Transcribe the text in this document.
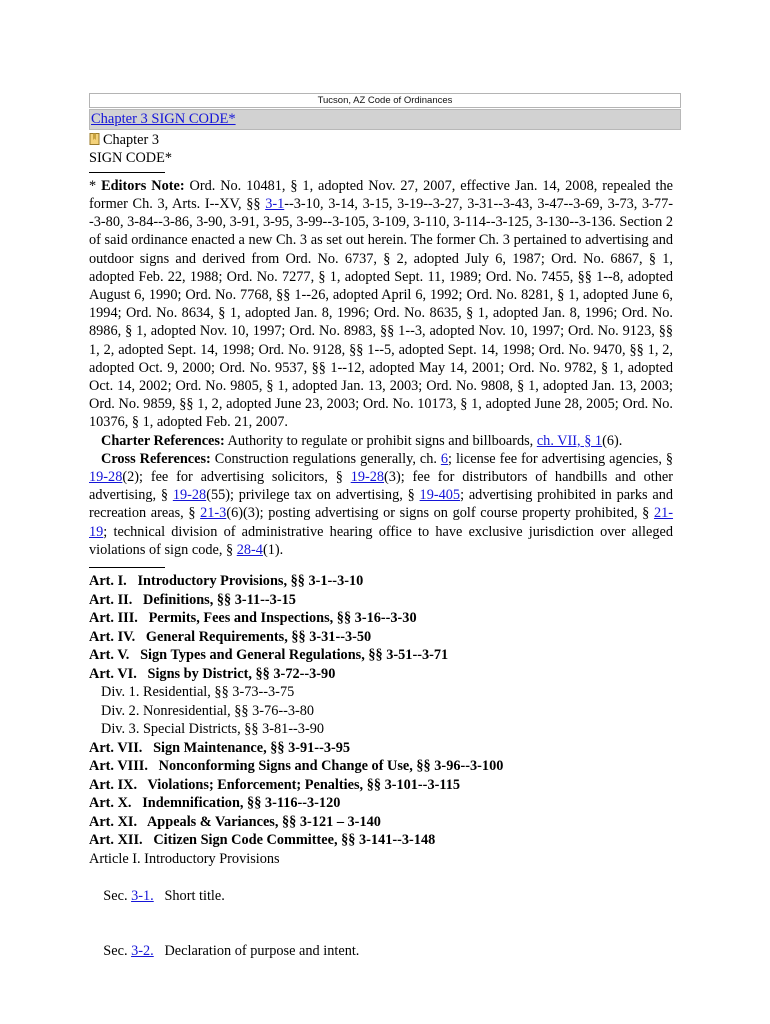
Tucson, AZ Code of Ordinances
Chapter 3 SIGN CODE*
Chapter 3
SIGN CODE*
* Editors Note: Ord. No. 10481, § 1, adopted Nov. 27, 2007, effective Jan. 14, 2008, repealed the former Ch. 3, Arts. I--XV, §§ 3-1--3-10, 3-14, 3-15, 3-19--3-27, 3-31--3-43, 3-47--3-69, 3-73, 3-77--3-80, 3-84--3-86, 3-90, 3-91, 3-95, 3-99--3-105, 3-109, 3-110, 3-114--3-125, 3-130--3-136. Section 2 of said ordinance enacted a new Ch. 3 as set out herein. The former Ch. 3 pertained to advertising and outdoor signs and derived from Ord. No. 6737, § 2, adopted July 6, 1987; Ord. No. 6867, § 1, adopted Feb. 22, 1988; Ord. No. 7277, § 1, adopted Sept. 11, 1989; Ord. No. 7455, §§ 1--8, adopted August 6, 1990; Ord. No. 7768, §§ 1--26, adopted April 6, 1992; Ord. No. 8281, § 1, adopted June 6, 1994; Ord. No. 8634, § 1, adopted Jan. 8, 1996; Ord. No. 8635, § 1, adopted Jan. 8, 1996; Ord. No. 8986, § 1, adopted Nov. 10, 1997; Ord. No. 8983, §§ 1--3, adopted Nov. 10, 1997; Ord. No. 9123, §§ 1, 2, adopted Sept. 14, 1998; Ord. No. 9128, §§ 1--5, adopted Sept. 14, 1998; Ord. No. 9470, §§ 1, 2, adopted Oct. 9, 2000; Ord. No. 9537, §§ 1--12, adopted May 14, 2001; Ord. No. 9782, § 1, adopted Oct. 14, 2002; Ord. No. 9805, § 1, adopted Jan. 13, 2003; Ord. No. 9808, § 1, adopted Jan. 13, 2003; Ord. No. 9859, §§ 1, 2, adopted June 23, 2003; Ord. No. 10173, § 1, adopted June 28, 2005; Ord. No. 10376, § 1, adopted Feb. 21, 2007.
Charter References: Authority to regulate or prohibit signs and billboards, ch. VII, § 1(6).
Cross References: Construction regulations generally, ch. 6; license fee for advertising agencies, § 19-28(2); fee for advertising solicitors, § 19-28(3); fee for distributors of handbills and other advertising, § 19-28(55); privilege tax on advertising, § 19-405; advertising prohibited in parks and recreation areas, § 21-3(6)(3); posting advertising or signs on golf course property prohibited, § 21-19; technical division of administrative hearing office to have exclusive jurisdiction over alleged violations of sign code, § 28-4(1).
Art. I.   Introductory Provisions, §§ 3-1--3-10
Art. II.   Definitions, §§ 3-11--3-15
Art. III.   Permits, Fees and Inspections, §§ 3-16--3-30
Art. IV.   General Requirements, §§ 3-31--3-50
Art. V.   Sign Types and General Regulations, §§ 3-51--3-71
Art. VI.   Signs by District, §§ 3-72--3-90
Div. 1. Residential, §§ 3-73--3-75
Div. 2. Nonresidential, §§ 3-76--3-80
Div. 3. Special Districts, §§ 3-81--3-90
Art. VII.   Sign Maintenance, §§ 3-91--3-95
Art. VIII.   Nonconforming Signs and Change of Use, §§ 3-96--3-100
Art. IX.   Violations; Enforcement; Penalties, §§ 3-101--3-115
Art. X.   Indemnification, §§ 3-116--3-120
Art. XI.   Appeals & Variances, §§ 3-121 – 3-140
Art. XII.   Citizen Sign Code Committee, §§ 3-141--3-148
Article I. Introductory Provisions

Sec. 3-1.   Short title.

Sec. 3-2.   Declaration of purpose and intent.
